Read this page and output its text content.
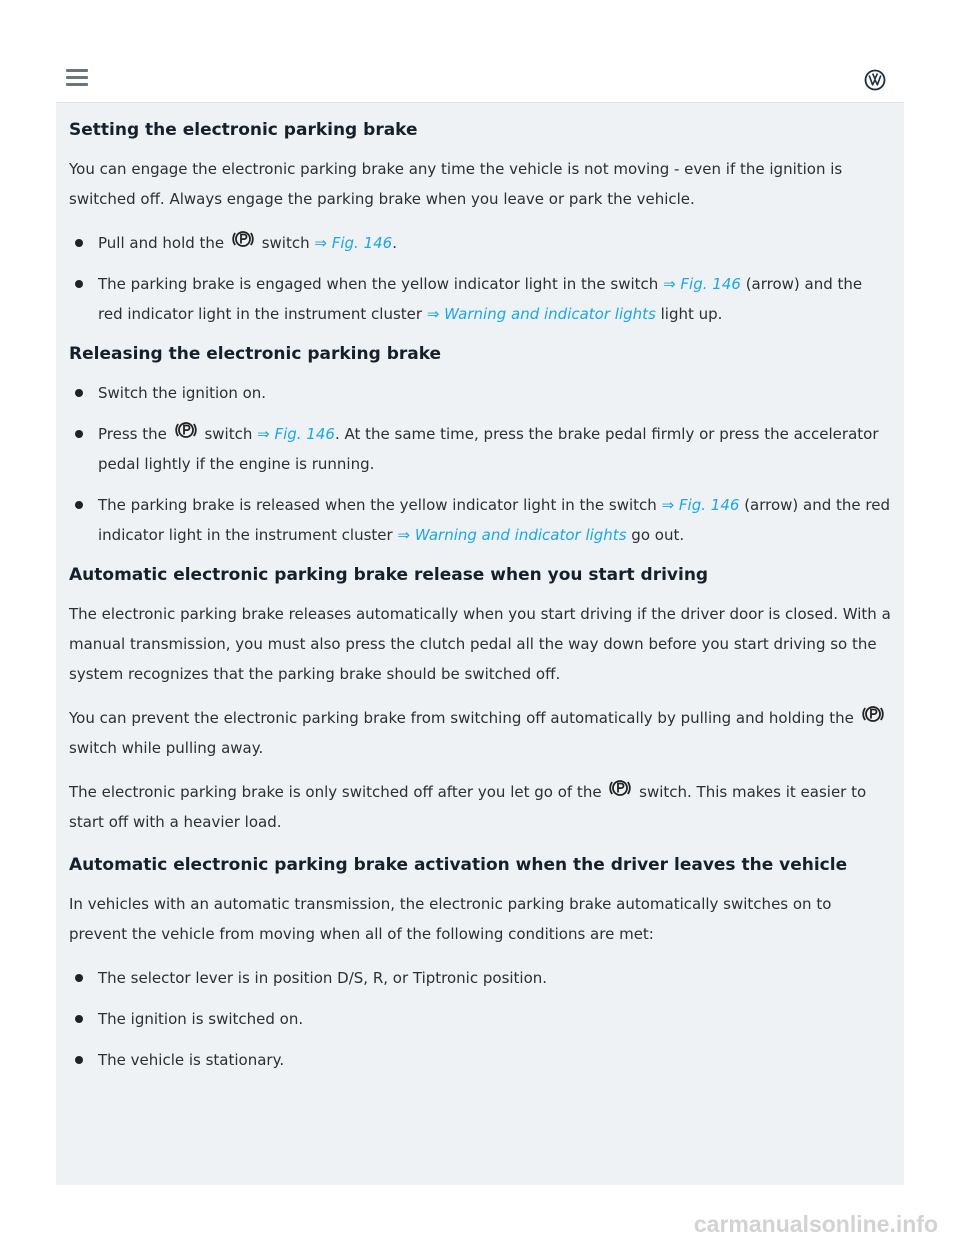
Setting the electronic parking brake

You can engage the electronic parking brake any time the vehicle is not moving - even if the ignition is switched off. Always engage the parking brake when you leave or park the vehicle.

Pull and hold the	switch ⇒ Fig. 146.
The parking brake is engaged when the yellow indicator light in the switch ⇒ Fig. 146 (arrow) and the red indicator light in the instrument cluster ⇒ Warning and indicator lights light up.
Releasing the electronic parking brake
Switch the ignition on.
Press the	switch ⇒ Fig. 146. At the same time, press the brake pedal firmly or press the accelerator pedal lightly if the engine is running.
The parking brake is released when the yellow indicator light in the switch ⇒ Fig. 146 (arrow) and the red indicator light in the instrument cluster ⇒ Warning and indicator lights go out.
Automatic electronic parking brake release when you start driving

The electronic parking brake releases automatically when you start driving if the driver door is closed. With a manual transmission, you must also press the clutch pedal all the way down before you start driving so the system recognizes that the parking brake should be switched off.

You can prevent the electronic parking brake from switching off automatically by pulling and holding the
switch while pulling away.

The electronic parking brake is only switched off after you let go of the	switch. This makes it easier to start off with a heavier load.

Automatic electronic parking brake activation when the driver leaves the vehicle

In vehicles with an automatic transmission, the electronic parking brake automatically switches on to prevent the vehicle from moving when all of the following conditions are met:

The selector lever is in position D/S, R, or Tiptronic position.
The ignition is switched on.
The vehicle is stationary.
carmanualsonline.info
